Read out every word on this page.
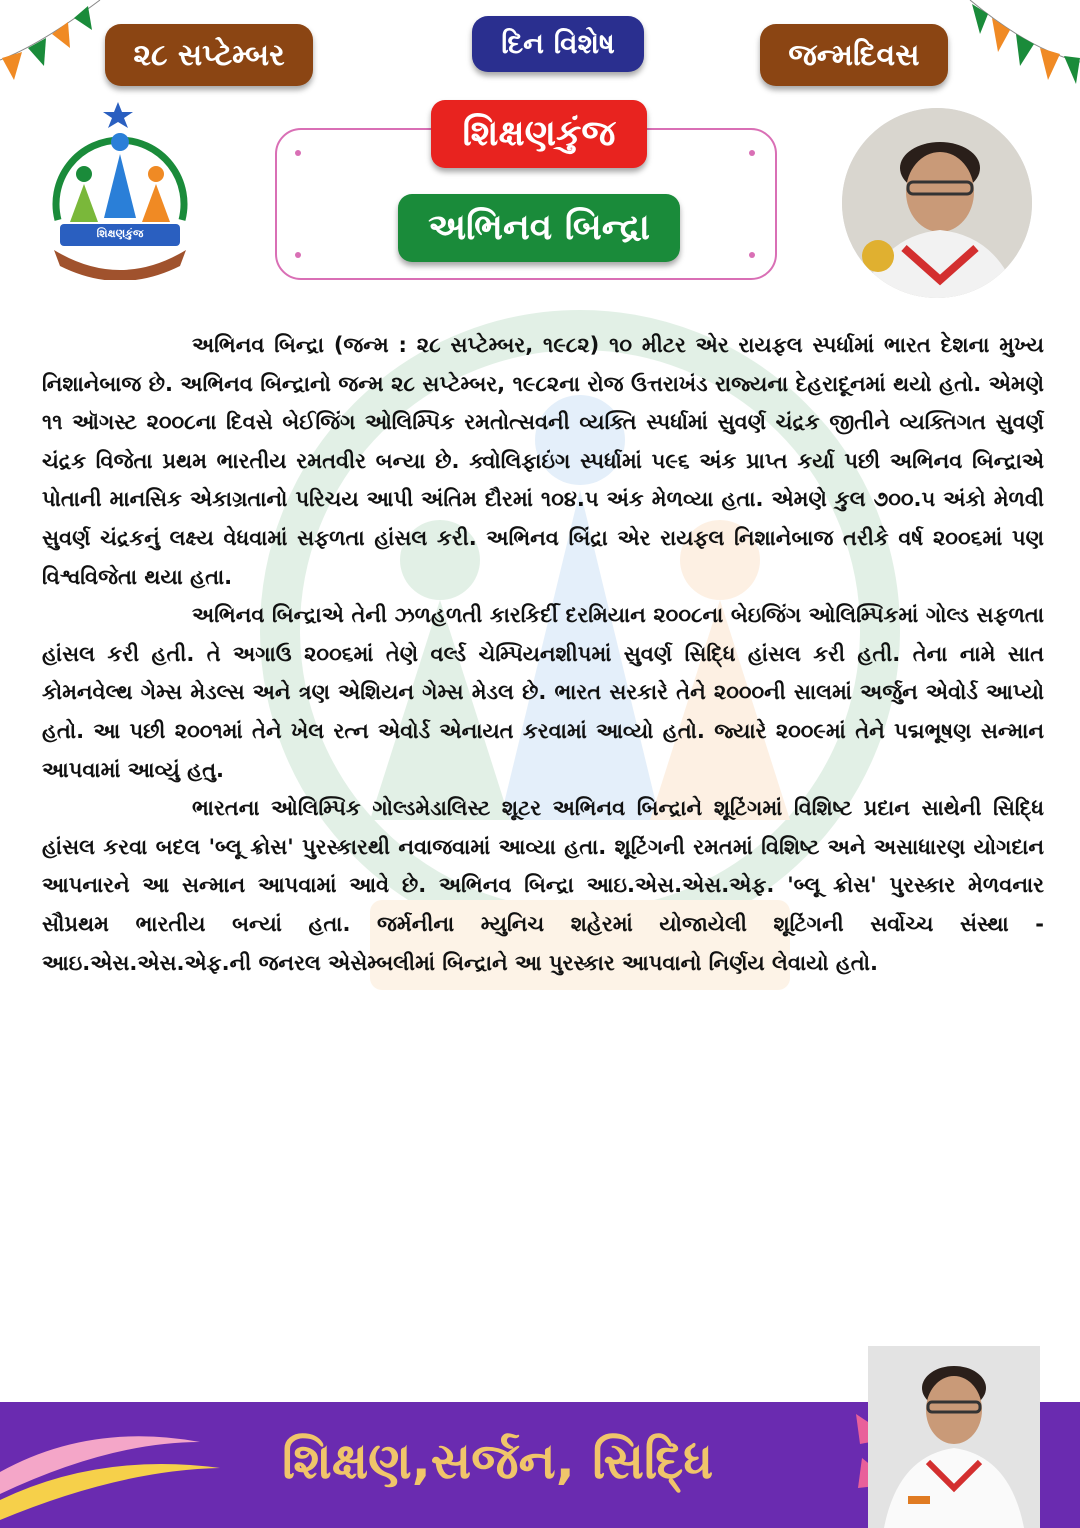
૨૮ સપ્ટેમ્બર	દિન વિશેષ	જન્મદિવસ
શિક્ષણકુંજ
અભિનવ બિન્દ્રા
શિક્ષણકુંજ
જ્ઞાન દીપો ભવ:

અભિનવ બિન્દ્રા (જન્મ : ૨૮ સપ્ટેમ્બર, ૧૯૮૨) ૧૦ મીટર એર રાયફલ સ્પર્ધામાં ભારત દેશના મુખ્ય નિશાનેબાજ છે. અભિનવ બિન્દ્રાનો જન્મ ૨૮ સપ્ટેમ્બર, ૧૯૮૨ના રોજ ઉત્તરાખંડ રાજ્યના દેહરાદૂનમાં થયો હતો. એમણે ૧૧ ઑગસ્ટ ૨૦૦૮ના દિવસે બેઈજિંગ ઓલિમ્પિક રમતોત્સવની વ્યક્તિ સ્પર્ધામાં સુવર્ણ ચંદ્રક જીતીને વ્યક્તિગત સુવર્ણ ચંદ્રક વિજેતા પ્રથમ ભારતીય રમતવીર બન્યા છે. ક્વોલિફાઇંગ સ્પર્ધામાં ૫૯૬ અંક પ્રાપ્ત કર્યા પછી અભિનવ બિન્દ્રાએ પોતાની માનસિક એકાગ્રતાનો પરિચય આપી અંતિમ દૌરમાં ૧૦૪.૫ અંક મેળવ્યા હતા. એમણે કુલ ૭૦૦.૫ અંકો મેળવી સુવર્ણ ચંદ્રકનું લક્ષ્ય વેધવામાં સફળતા હાંસલ કરી. અભિનવ બિંદ્રા એર રાયફલ નિશાનેબાજ તરીકે વર્ષ ૨૦૦૬માં પણ વિશ્વવિજેતા થયા હતા.

અભિનવ બિન્દ્રાએ તેની ઝળહળતી કારકિર્દી દરમિયાન ૨૦૦૮ના બેઇજિંગ ઓલિમ્પિકમાં ગોલ્ડ સફળતા હાંસલ કરી હતી. તે અગાઉ ૨૦૦૬માં તેણે વર્લ્ડ ચેમ્પિયનશીપમાં સુવર્ણ સિદ્ધિ હાંસલ કરી હતી. તેના નામે સાત કોમનવેલ્થ ગેમ્સ મેડલ્સ અને ત્રણ એશિયન ગેમ્સ મેડલ છે. ભારત સરકારે તેને ૨૦૦૦ની સાલમાં અર્જુન એવોર્ડ આપ્યો હતો. આ પછી ૨૦૦૧માં તેને ખેલ રત્ન એવોર્ડ એનાયત કરવામાં આવ્યો હતો. જ્યારે ૨૦૦૯માં તેને પદ્મભૂષણ સન્માન આપવામાં આવ્યું હતુ.

ભારતના ઓલિમ્પિક ગોલ્ડમેડાલિસ્ટ શૂટર અભિનવ બિન્દ્રાને શૂટિંગમાં વિશિષ્ટ પ્રદાન સાથેની સિદ્ધિ હાંસલ કરવા બદલ 'બ્લૂ ક્રોસ' પુરસ્કારથી નવાજવામાં આવ્યા હતા. શૂટિંગની રમતમાં વિશિષ્ટ અને અસાધારણ યોગદાન આપનારને આ સન્માન આપવામાં આવે છે. અભિનવ બિન્દ્રા આઇ.એસ.એસ.એફ. 'બ્લૂ ક્રોસ' પુરસ્કાર મેળવનાર સૌપ્રથમ ભારતીય બન્યાં હતા. જર્મનીના મ્યુનિચ શહેરમાં યોજાયેલી શૂટિંગની સર્વોચ્ચ સંસ્થા - આઇ.એસ.એસ.એફ.ની જનરલ એસેમ્બલીમાં બિન્દ્રાને આ પુરસ્કાર આપવાનો નિર્ણય લેવાયો હતો.

શિક્ષણ,સર્જન, સિદ્ધિ
